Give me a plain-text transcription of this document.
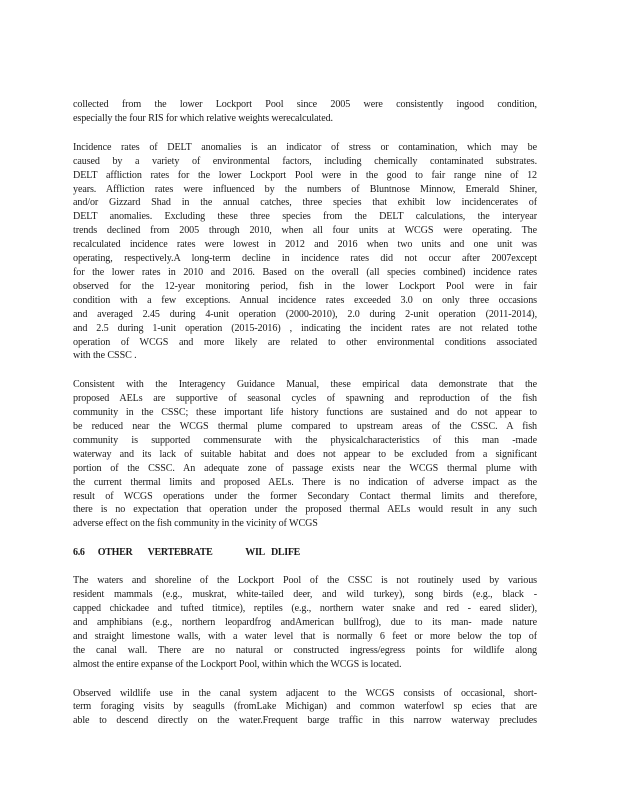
collected from the lower Lockport Pool since 2005 were consistently ingood condition,
especially the four RIS for which relative weights werecalculated.
Incidence rates of DELT anomalies is an indicator of stress or contamination, which may be
caused by a variety of environmental factors, including chemically contaminated substrates.
DELT affliction rates for the lower Lockport Pool were in the good to fair range nine of 12
years. Affliction rates were influenced by the numbers of Bluntnose Minnow, Emerald Shiner,
and/or Gizzard Shad in the annual catches, three species that exhibit low incidencerates of
DELT anomalies. Excluding these three species from the DELT calculations, the interyear
trends declined from 2005 through 2010, when all four units at WCGS were operating. The
recalculated incidence rates were lowest in 2012 and 2016 when two units and one unit was
operating, respectively.A long-term decline in incidence rates did not occur after 2007except
for the lower rates in 2010 and 2016. Based on the overall (all species combined) incidence rates
observed for the 12-year monitoring period, fish in the lower Lockport Pool were in fair
condition with a few exceptions. Annual incidence rates exceeded 3.0 on only three occasions
and averaged 2.45 during 4-unit operation (2000-2010), 2.0 during 2-unit operation (2011-2014),
and 2.5 during 1-unit operation (2015-2016) , indicating the incident rates are not related tothe
operation of WCGS and more likely are related to other environmental conditions associated
with the CSSC .
Consistent with the Interagency Guidance Manual, these empirical data demonstrate that the
proposed AELs are supportive of seasonal cycles of spawning and reproduction of the fish
community in the CSSC; these important life history functions are sustained and do not appear to
be reduced near the WCGS thermal plume compared to upstream areas of the CSSC. A fish
community is supported commensurate with the physicalcharacteristics of this man -made
waterway and its lack of suitable habitat and does not appear to be excluded from a significant
portion of the CSSC. An adequate zone of passage exists near the WCGS thermal plume with
the current thermal limits and proposed AELs. There is no indication of adverse impact as the
result of WCGS operations under the former Secondary Contact thermal limits and therefore,
there is no expectation that operation under the proposed thermal AELs would result in any such
adverse effect on the fish community in the vicinity of WCGS
6.6      OTHER       VERTEBRATE               WIL   DLIFE
The waters and shoreline of the Lockport Pool of the CSSC is not routinely used by various
resident mammals (e.g., muskrat, white-tailed deer, and wild turkey), song birds (e.g., black -
capped chickadee and tufted titmice), reptiles (e.g., northern water snake and red - eared slider),
and amphibians (e.g., northern leopardfrog andAmerican bullfrog), due to its man- made nature
and straight limestone walls, with a water level that is normally 6 feet or more below the top of
the canal wall. There are no natural or constructed ingress/egress points for wildlife along
almost the entire expanse of the Lockport Pool, within which the WCGS is located.
Observed wildlife use in the canal system adjacent to the WCGS consists of occasional, short-
term foraging visits by seagulls (fromLake Michigan) and common waterfowl sp ecies that are
able to descend directly on the water.Frequent barge traffic in this narrow waterway precludes
